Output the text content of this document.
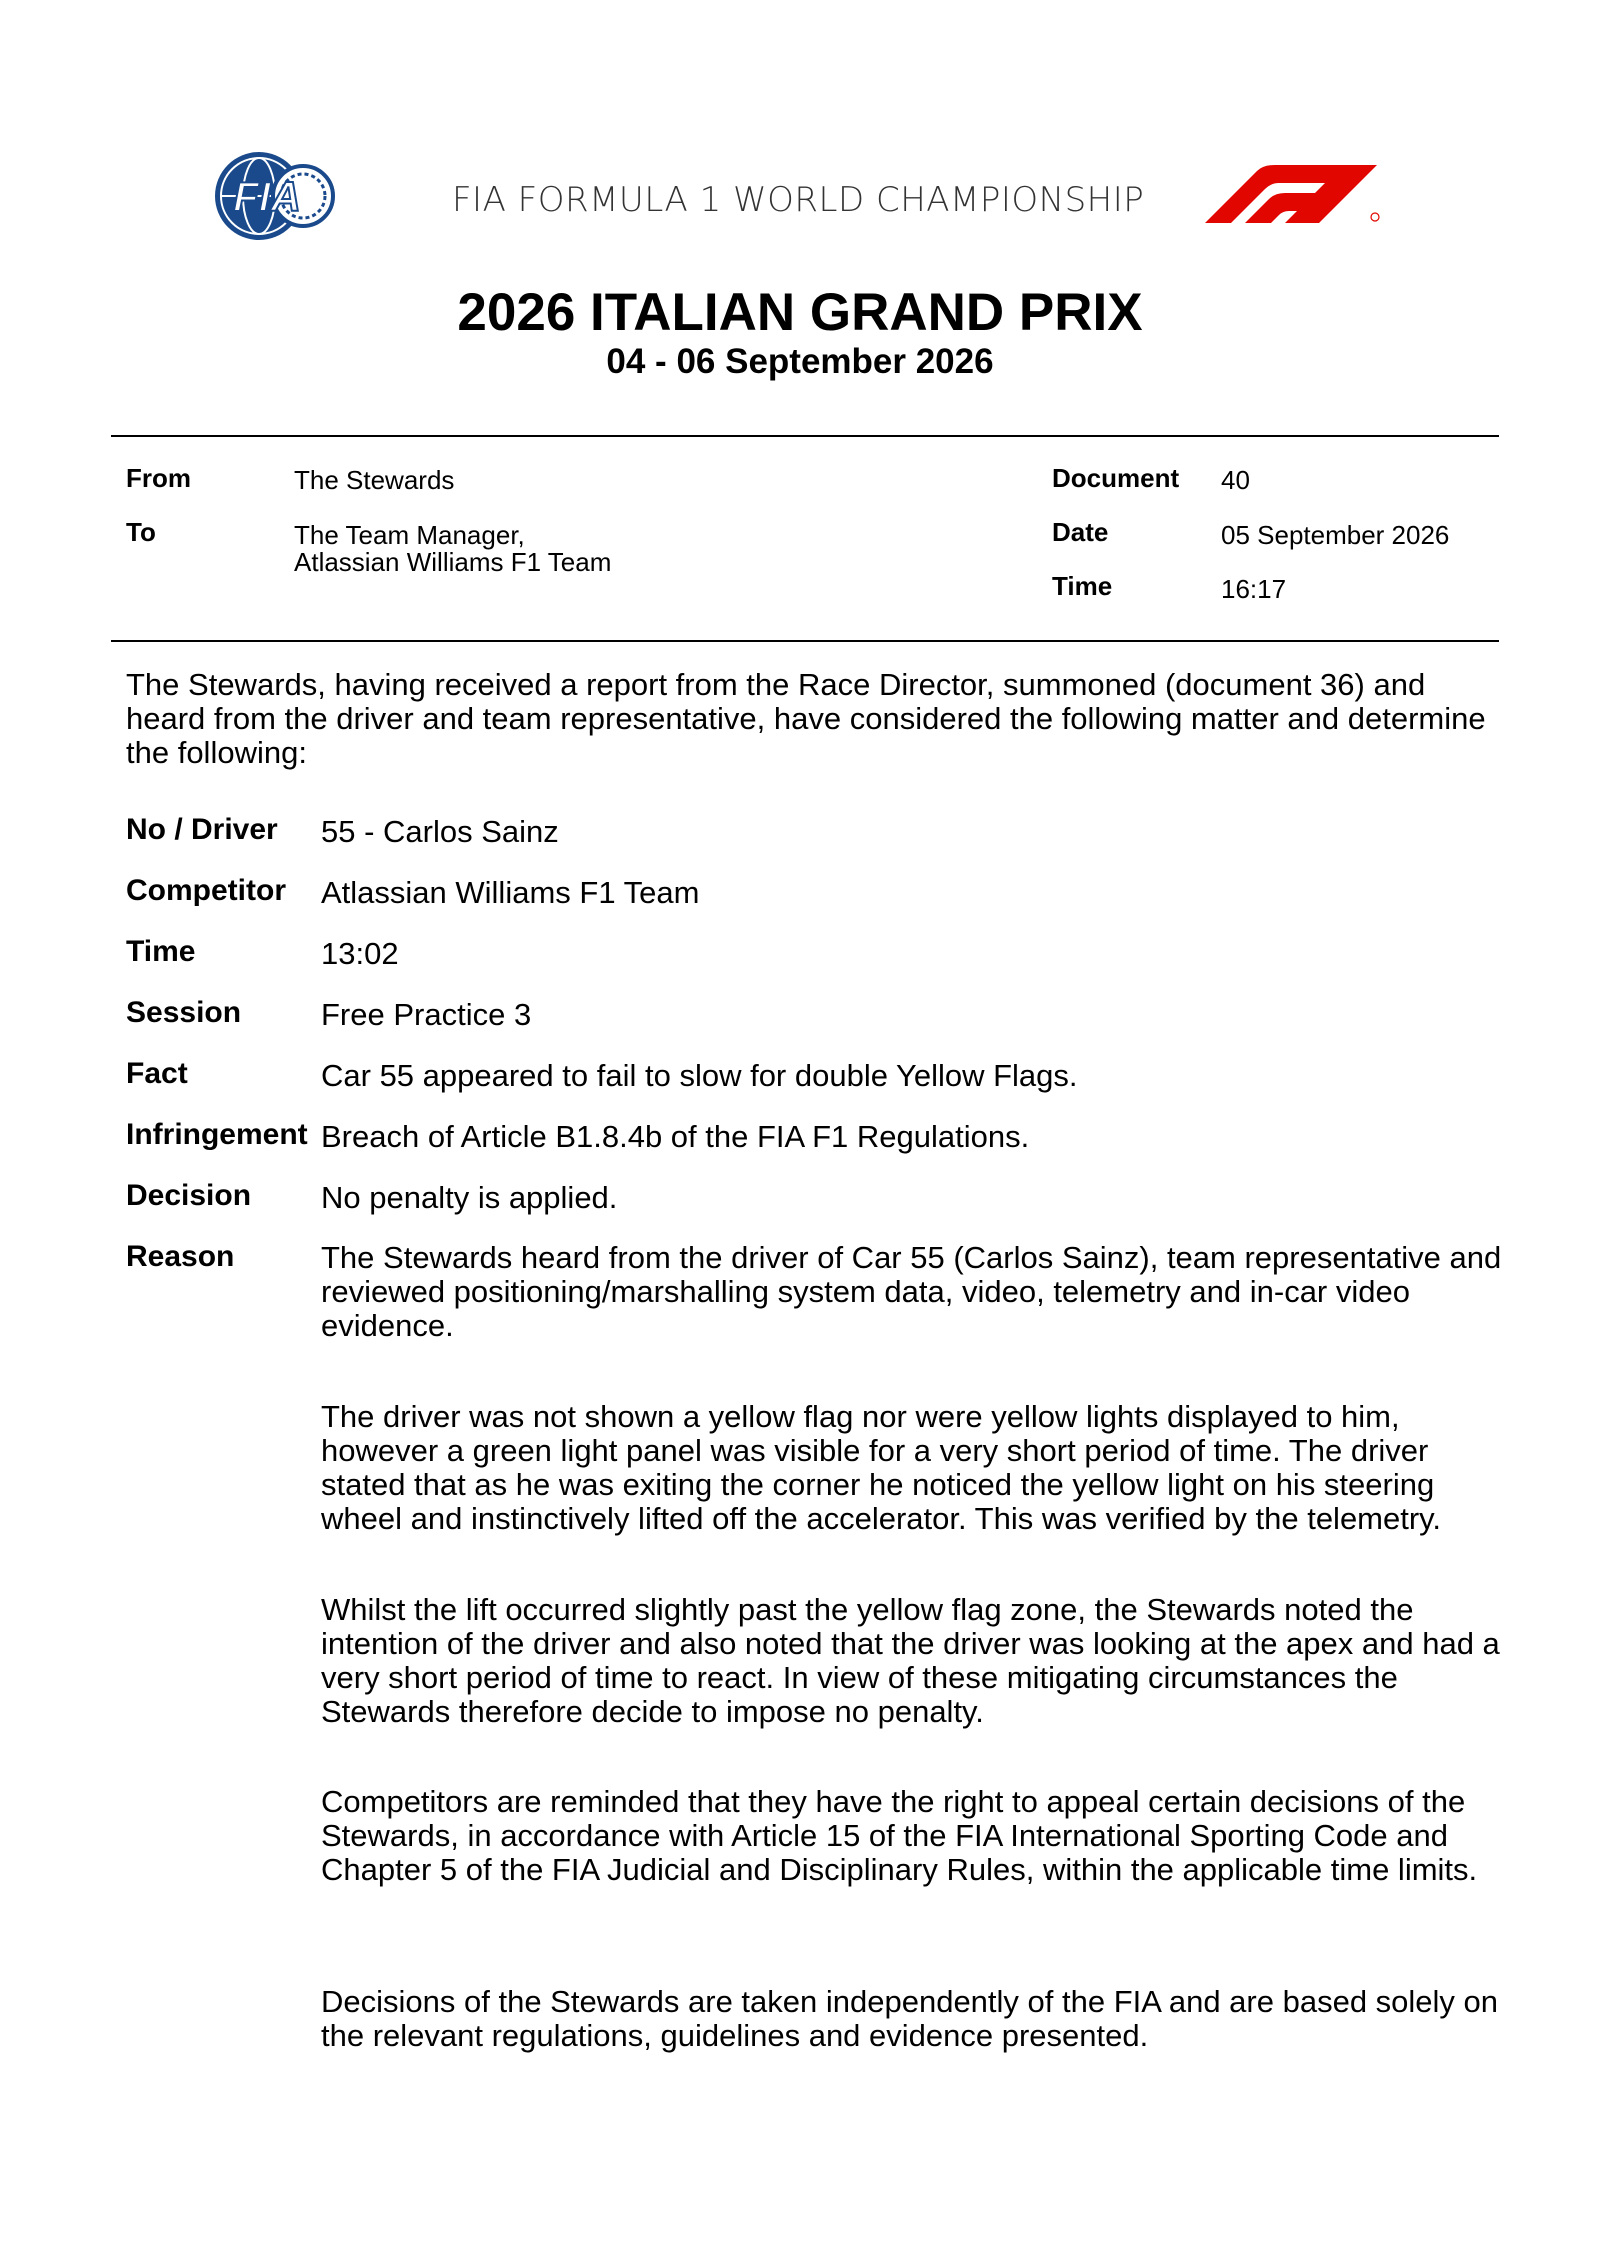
FIA	FIA FORMULA 1 WORLD CHAMPIONSHIP
2026 ITALIAN GRAND PRIX
04 - 06 September 2026
From	The Stewards
To	The Team Manager,
Atlassian Williams F1 Team
Document 40
Date	05 September 2026
Time	16:17
The Stewards, having received a report from the Race Director, summoned (document 36) and heard from the driver and team representative, have considered the following matter and determine the following:
No / Driver 55 - Carlos Sainz
Competitor Atlassian Williams F1 Team
Time	13:02
Session	Free Practice 3
Fact	Car 55 appeared to fail to slow for double Yellow Flags.
Infringement Breach of Article B1.8.4b of the FIA F1 Regulations.
Decision No penalty is applied.
Reason	The Stewards heard from the driver of Car 55 (Carlos Sainz), team representative and reviewed positioning/marshalling system data, video, telemetry and in-car video evidence.
The driver was not shown a yellow flag nor were yellow lights displayed to him, however a green light panel was visible for a very short period of time. The driver stated that as he was exiting the corner he noticed the yellow light on his steering wheel and instinctively lifted off the accelerator. This was verified by the telemetry.
Whilst the lift occurred slightly past the yellow flag zone, the Stewards noted the intention of the driver and also noted that the driver was looking at the apex and had a very short period of time to react. In view of these mitigating circumstances the Stewards therefore decide to impose no penalty.
Competitors are reminded that they have the right to appeal certain decisions of the Stewards, in accordance with Article 15 of the FIA International Sporting Code and Chapter 5 of the FIA Judicial and Disciplinary Rules, within the applicable time limits.
Decisions of the Stewards are taken independently of the FIA and are based solely on the relevant regulations, guidelines and evidence presented.
